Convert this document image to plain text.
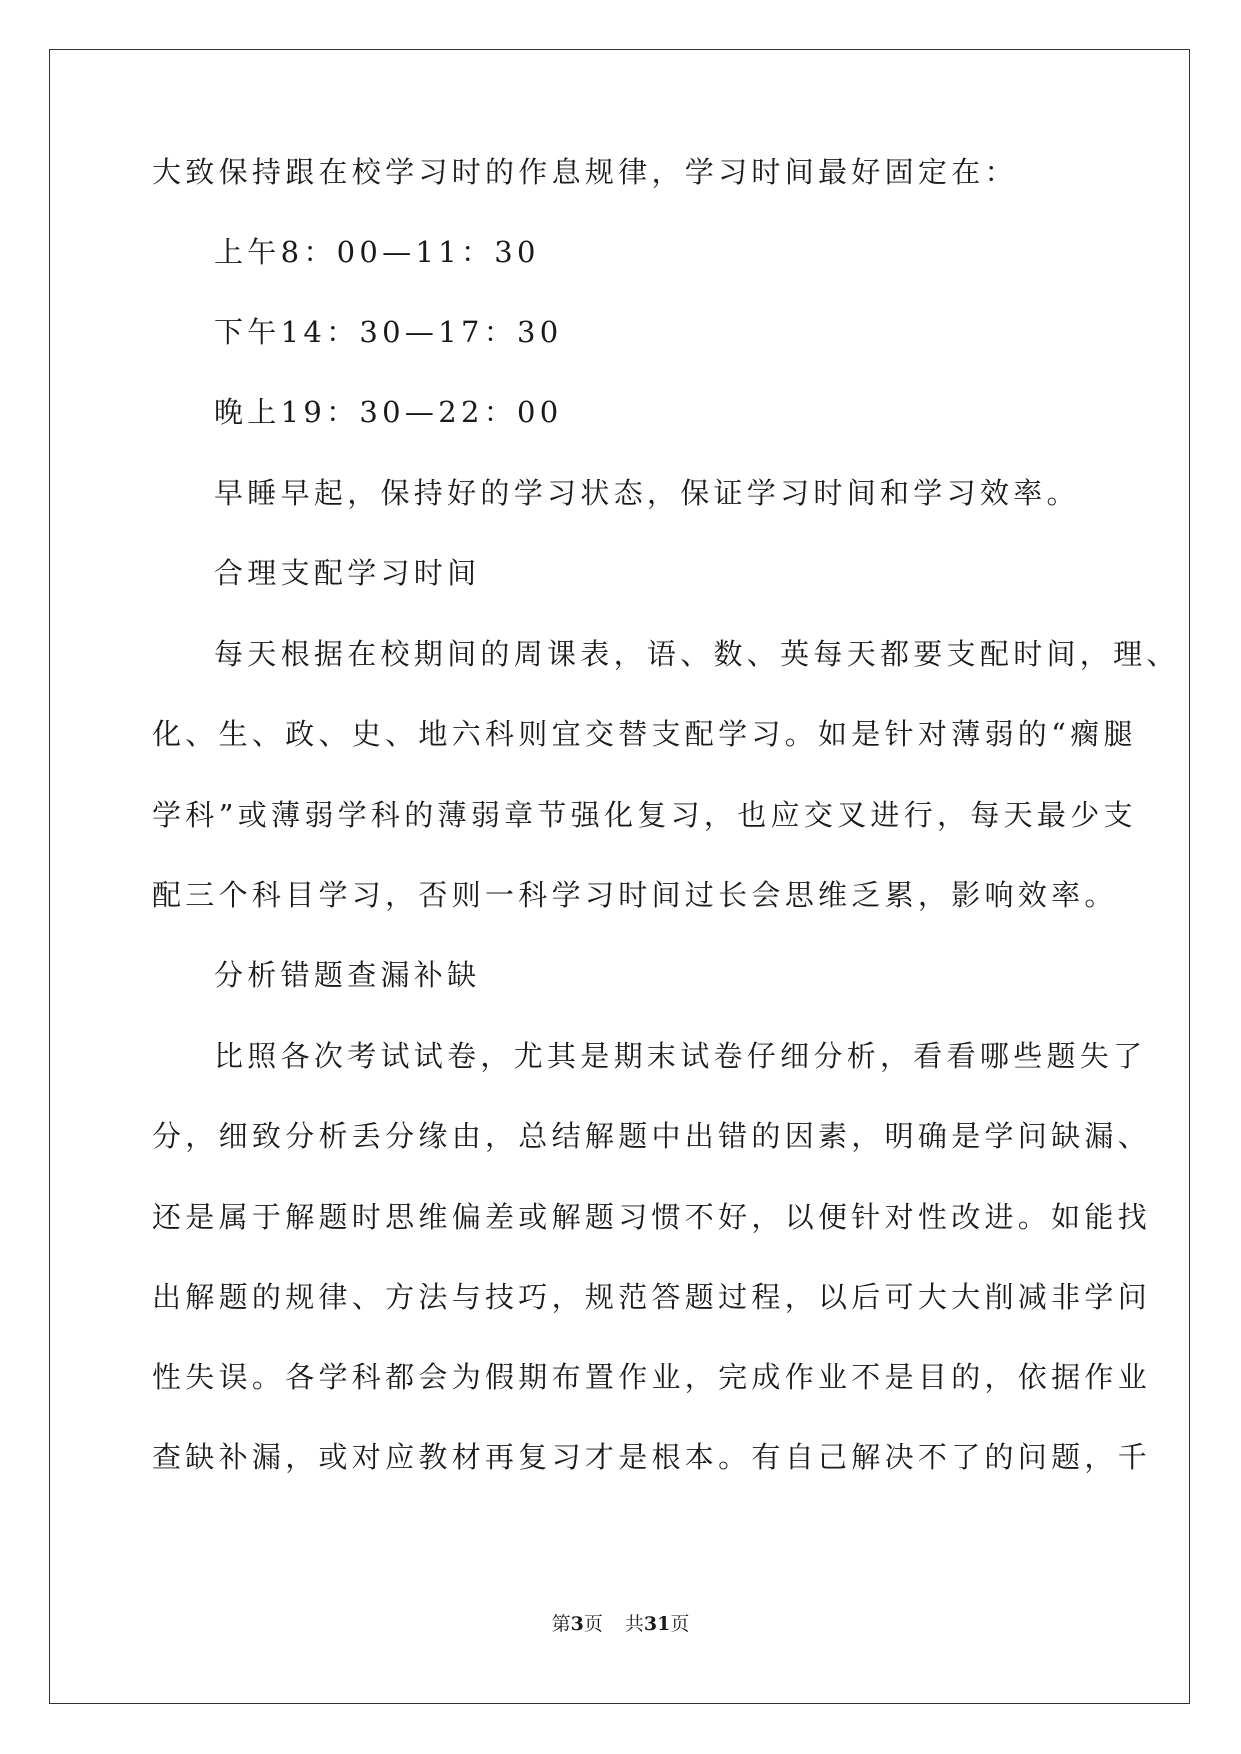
大致保持跟在校学习时的作息规律，学习时间最好固定在：
上午8：00—11：30
下午14：30—17：30
晚上19：30—22：00
早睡早起，保持好的学习状态，保证学习时间和学习效率。
合理支配学习时间
每天根据在校期间的周课表，语、数、英每天都要支配时间，理、
化、生、政、史、地六科则宜交替支配学习。如是针对薄弱的“瘸腿
学科”或薄弱学科的薄弱章节强化复习，也应交叉进行，每天最少支
配三个科目学习，否则一科学习时间过长会思维乏累，影响效率。
分析错题查漏补缺
比照各次考试试卷，尤其是期末试卷仔细分析，看看哪些题失了
分，细致分析丢分缘由，总结解题中出错的因素，明确是学问缺漏、
还是属于解题时思维偏差或解题习惯不好，以便针对性改进。如能找
出解题的规律、方法与技巧，规范答题过程，以后可大大削减非学问
性失误。各学科都会为假期布置作业，完成作业不是目的，依据作业
查缺补漏，或对应教材再复习才是根本。有自己解决不了的问题，千
第3页 共31页
